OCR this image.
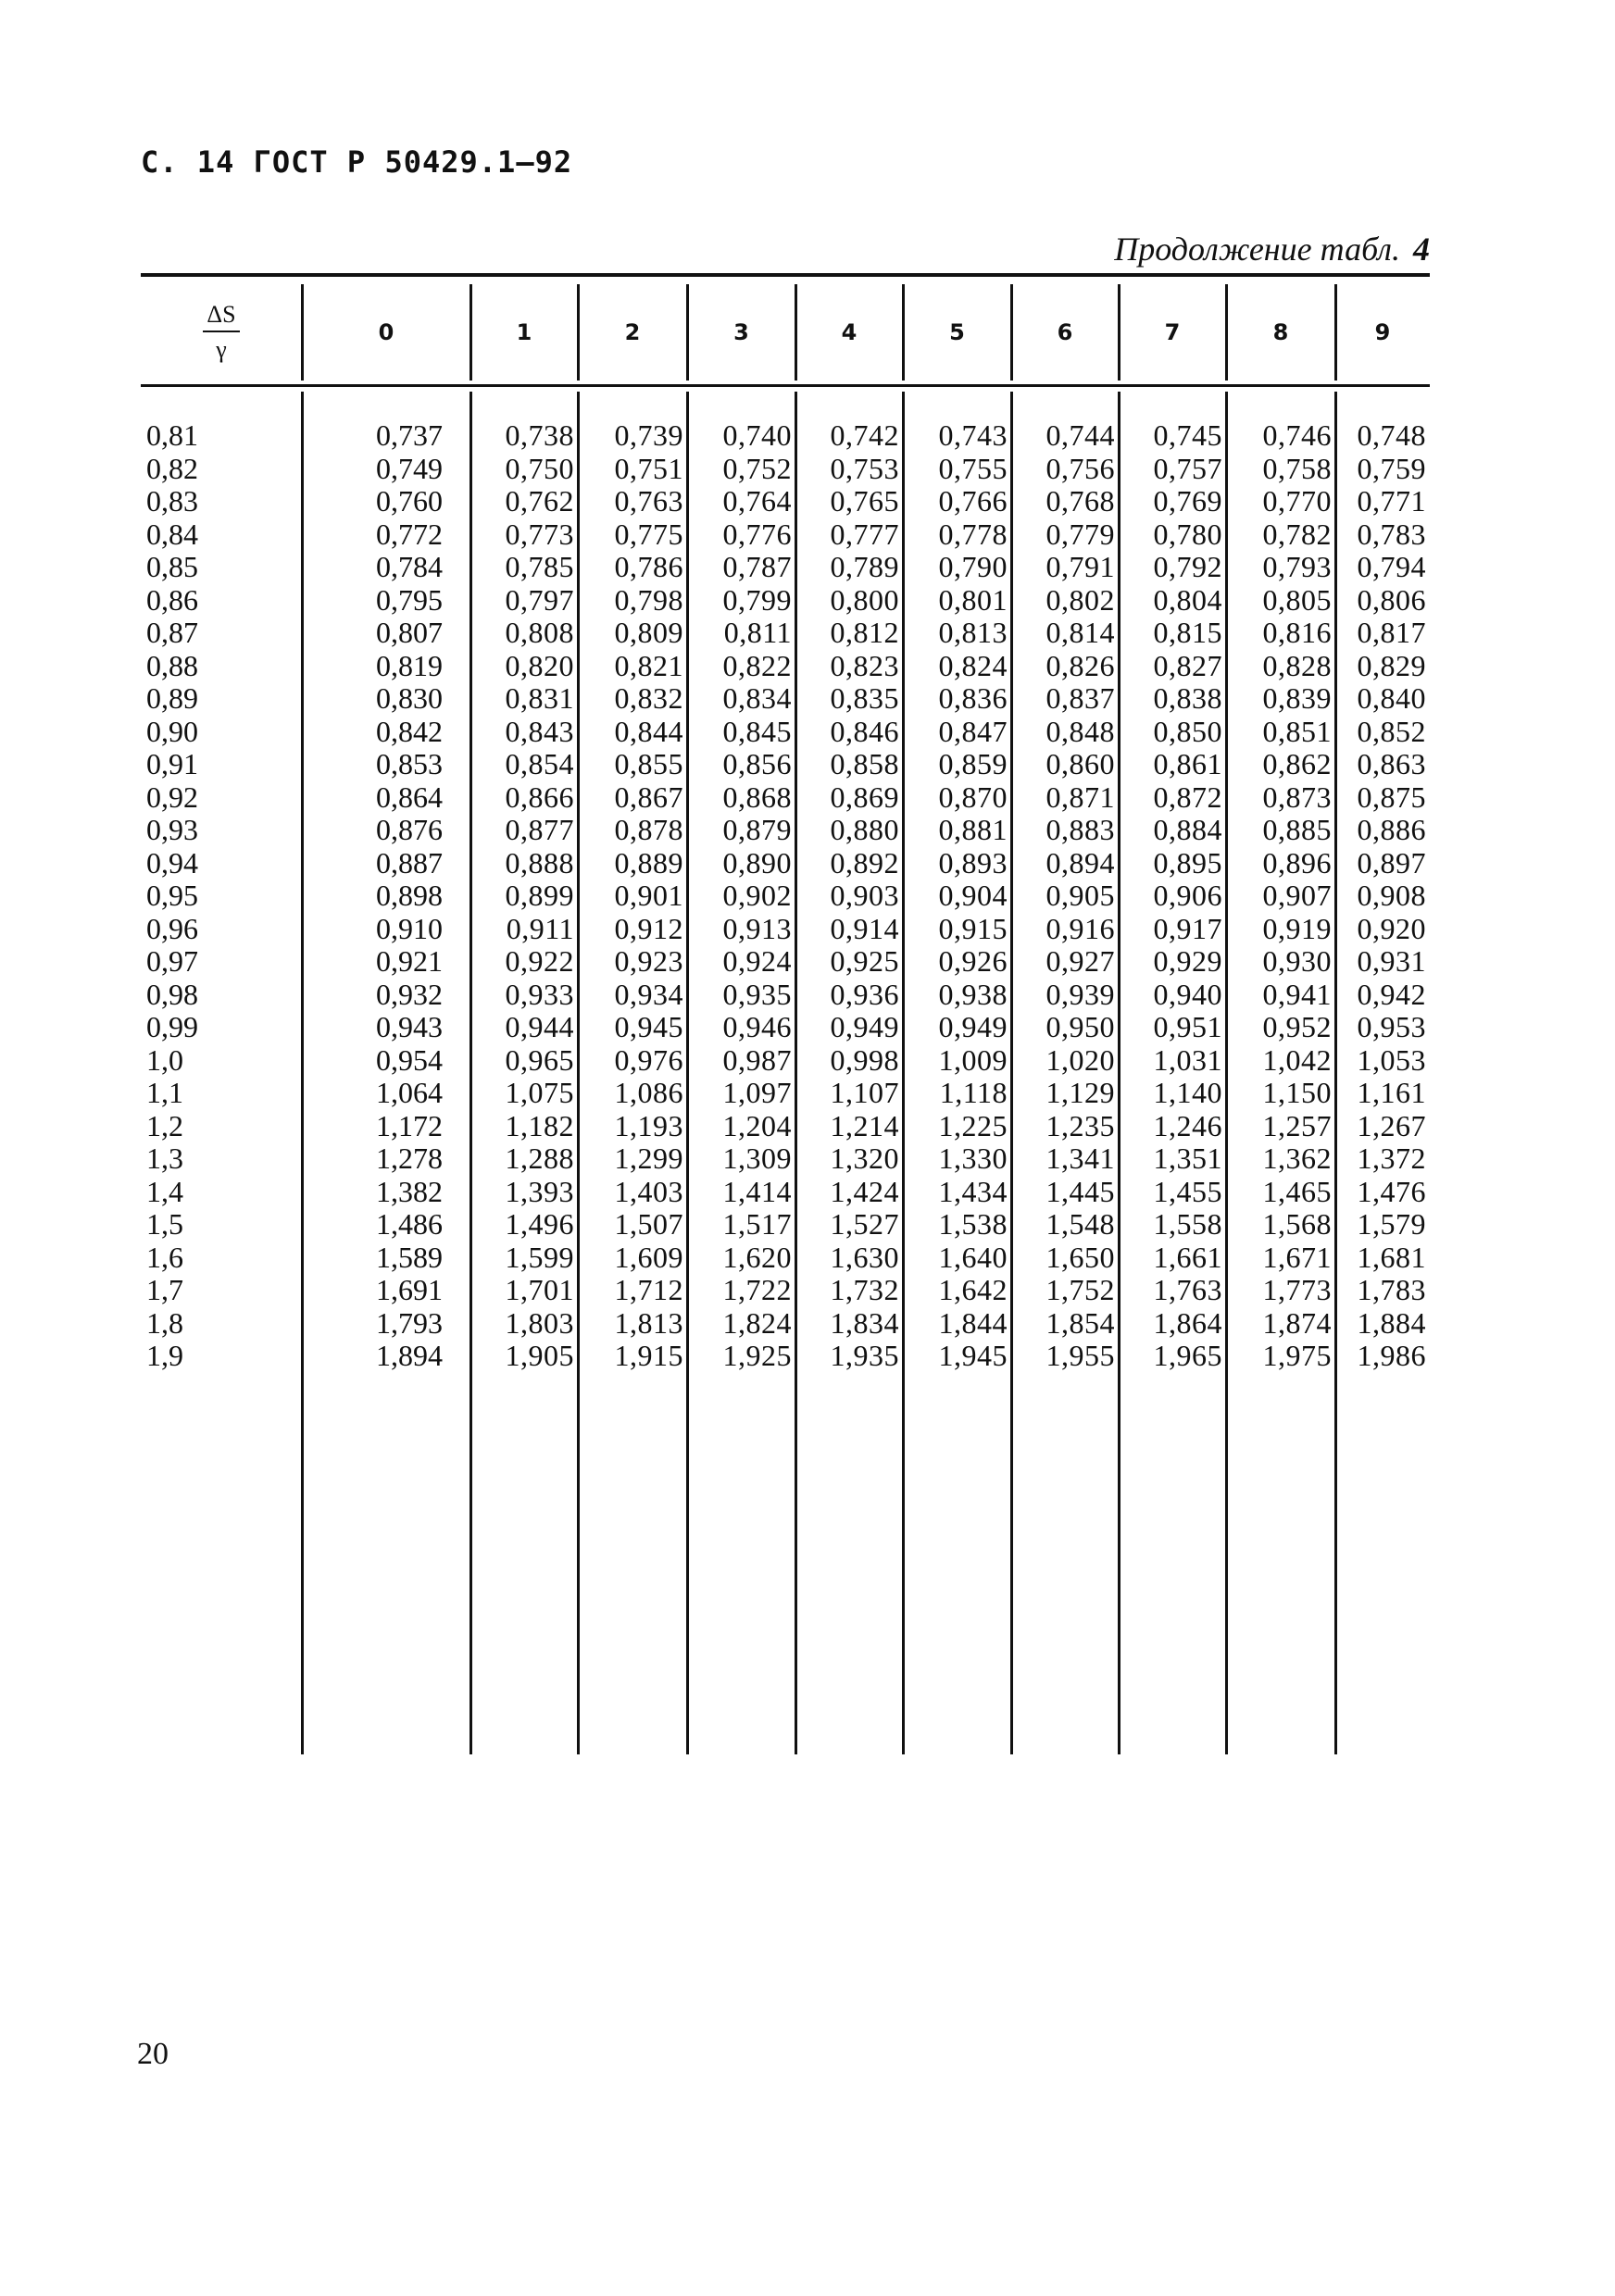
С. 14 ГОСТ Р 50429.1—92
Продолжение табл. 4
$\frac{\Delta S}{\gamma}$	0	1	2	3	4	5	6	7	8	9
0,81	0,737	0,738	0,739	0,740	0,742	0,743	0,744	0,745	0,746 0,748
0,82	0,749	0,750	0,751	0,752	0,753	0,755	0,756	0,757	0,758 0,759
0,83	0,760	0,762	0,763	0,764	0,765	0,766	0,768	0,769	0,770 0,771
0,84	0,772	0,773	0,775	0,776	0,777	0,778	0,779	0,780	0,782 0,783
0,85	0,784	0,785	0,786	0,787	0,789	0,790	0,791	0,792	0,793 0,794
0,86	0,795	0,797	0,798	0,799	0,800	0,801	0,802	0,804	0,805 0,806
0,87	0,807	0,808	0,809	0,811	0,812	0,813	0,814	0,815	0,816 0,817
0,88	0,819	0,820	0,821	0,822	0,823	0,824	0,826	0,827	0,828 0,829
0,89	0,830	0,831	0,832	0,834	0,835	0,836	0,837	0,838	0,839 0,840
0,90	0,842	0,843	0,844	0,845	0,846	0,847	0,848	0,850	0,851 0,852
0,91	0,853	0,854	0,855	0,856	0,858	0,859	0,860	0,861	0,862 0,863
0,92	0,864	0,866	0,867	0,868	0,869	0,870	0,871	0,872	0,873 0,875
0,93	0,876	0,877	0,878	0,879	0,880	0,881	0,883	0,884	0,885 0,886
0,94	0,887	0,888	0,889	0,890	0,892	0,893	0,894	0,895	0,896 0,897
0,95	0,898	0,899	0,901	0,902	0,903	0,904	0,905	0,906	0,907 0,908
0,96	0,910	0,911	0,912	0,913	0,914	0,915	0,916	0,917	0,919 0,920
0,97	0,921	0,922	0,923	0,924	0,925	0,926	0,927	0,929	0,930 0,931
0,98	0,932	0,933	0,934	0,935	0,936	0,938	0,939	0,940	0,941 0,942
0,99	0,943	0,944	0,945	0,946	0,949	0,949	0,950	0,951	0,952 0,953
1,0	0,954	0,965	0,976	0,987	0,998	1,009	1,020	1,031	1,042 1,053
1,1	1,064	1,075	1,086	1,097	1,107	1,118	1,129	1,140	1,150 1,161
1,2	1,172	1,182	1,193	1,204	1,214	1,225	1,235	1,246	1,257 1,267
1,3	1,278	1,288	1,299	1,309	1,320	1,330	1,341	1,351	1,362 1,372
1,4	1,382	1,393	1,403	1,414	1,424	1,434	1,445	1,455	1,465 1,476
1,5	1,486	1,496	1,507	1,517	1,527	1,538	1,548	1,558	1,568 1,579
1,6	1,589	1,599	1,609	1,620	1,630	1,640	1,650	1,661	1,671 1,681
1,7	1,691	1,701	1,712	1,722	1,732	1,642	1,752	1,763	1,773 1,783
1,8	1,793	1,803	1,813	1,824	1,834	1,844	1,854	1,864	1,874 1,884
1,9	1,894	1,905	1,915	1,925	1,935	1,945	1,955	1,965	1,975 1,986
20
